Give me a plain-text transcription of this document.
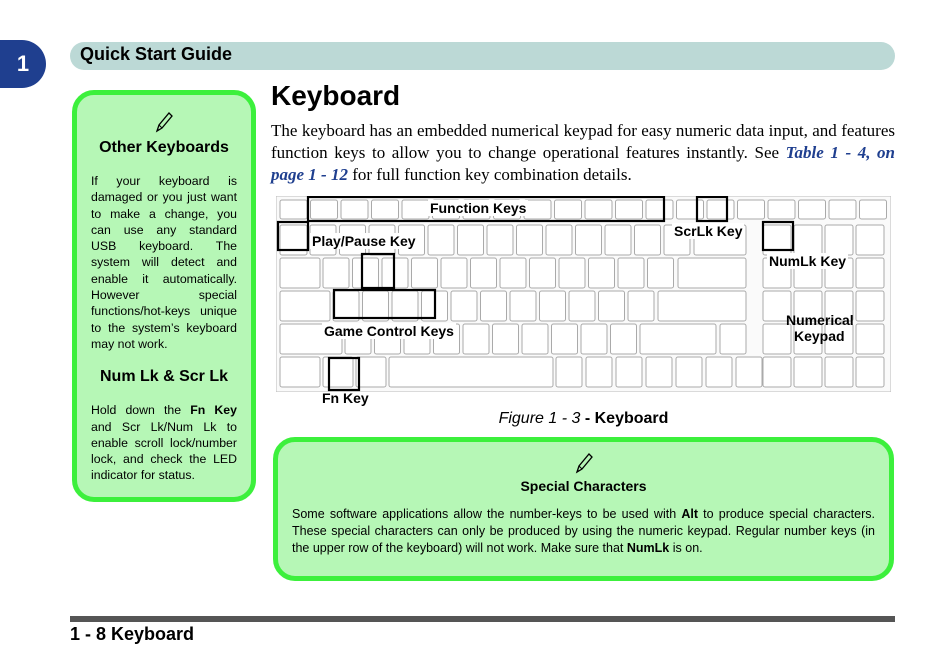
1	Quick Start Guide
Other Keyboards

If your keyboard is damaged or you just want to make a change, you can use any standard USB keyboard. The system will detect and enable it automatically. However special functions/hot-keys unique to the system’s keyboard may not work.

Num Lk & Scr Lk

Hold down the Fn Key and Scr Lk/Num Lk to enable scroll lock/number lock, and check the LED indicator for status.

Keyboard

The keyboard has an embedded numerical keypad for easy numeric data input, and features function keys to allow you to change operational features instantly. See Table 1 - 4, on page 1 - 12 for full function key combination details.

Function Keys
Play/Pause Key
ScrLk Key
NumLk Key
Numerical
Keypad
Game Control Keys
Fn Key
Figure 1 - 3 - Keyboard
Special Characters

Some software applications allow the number-keys to be used with Alt to produce special characters. These special characters can only be produced by using the numeric keypad. Regular number keys (in the upper row of the keyboard) will not work. Make sure that NumLk is on.

1 - 8 Keyboard
